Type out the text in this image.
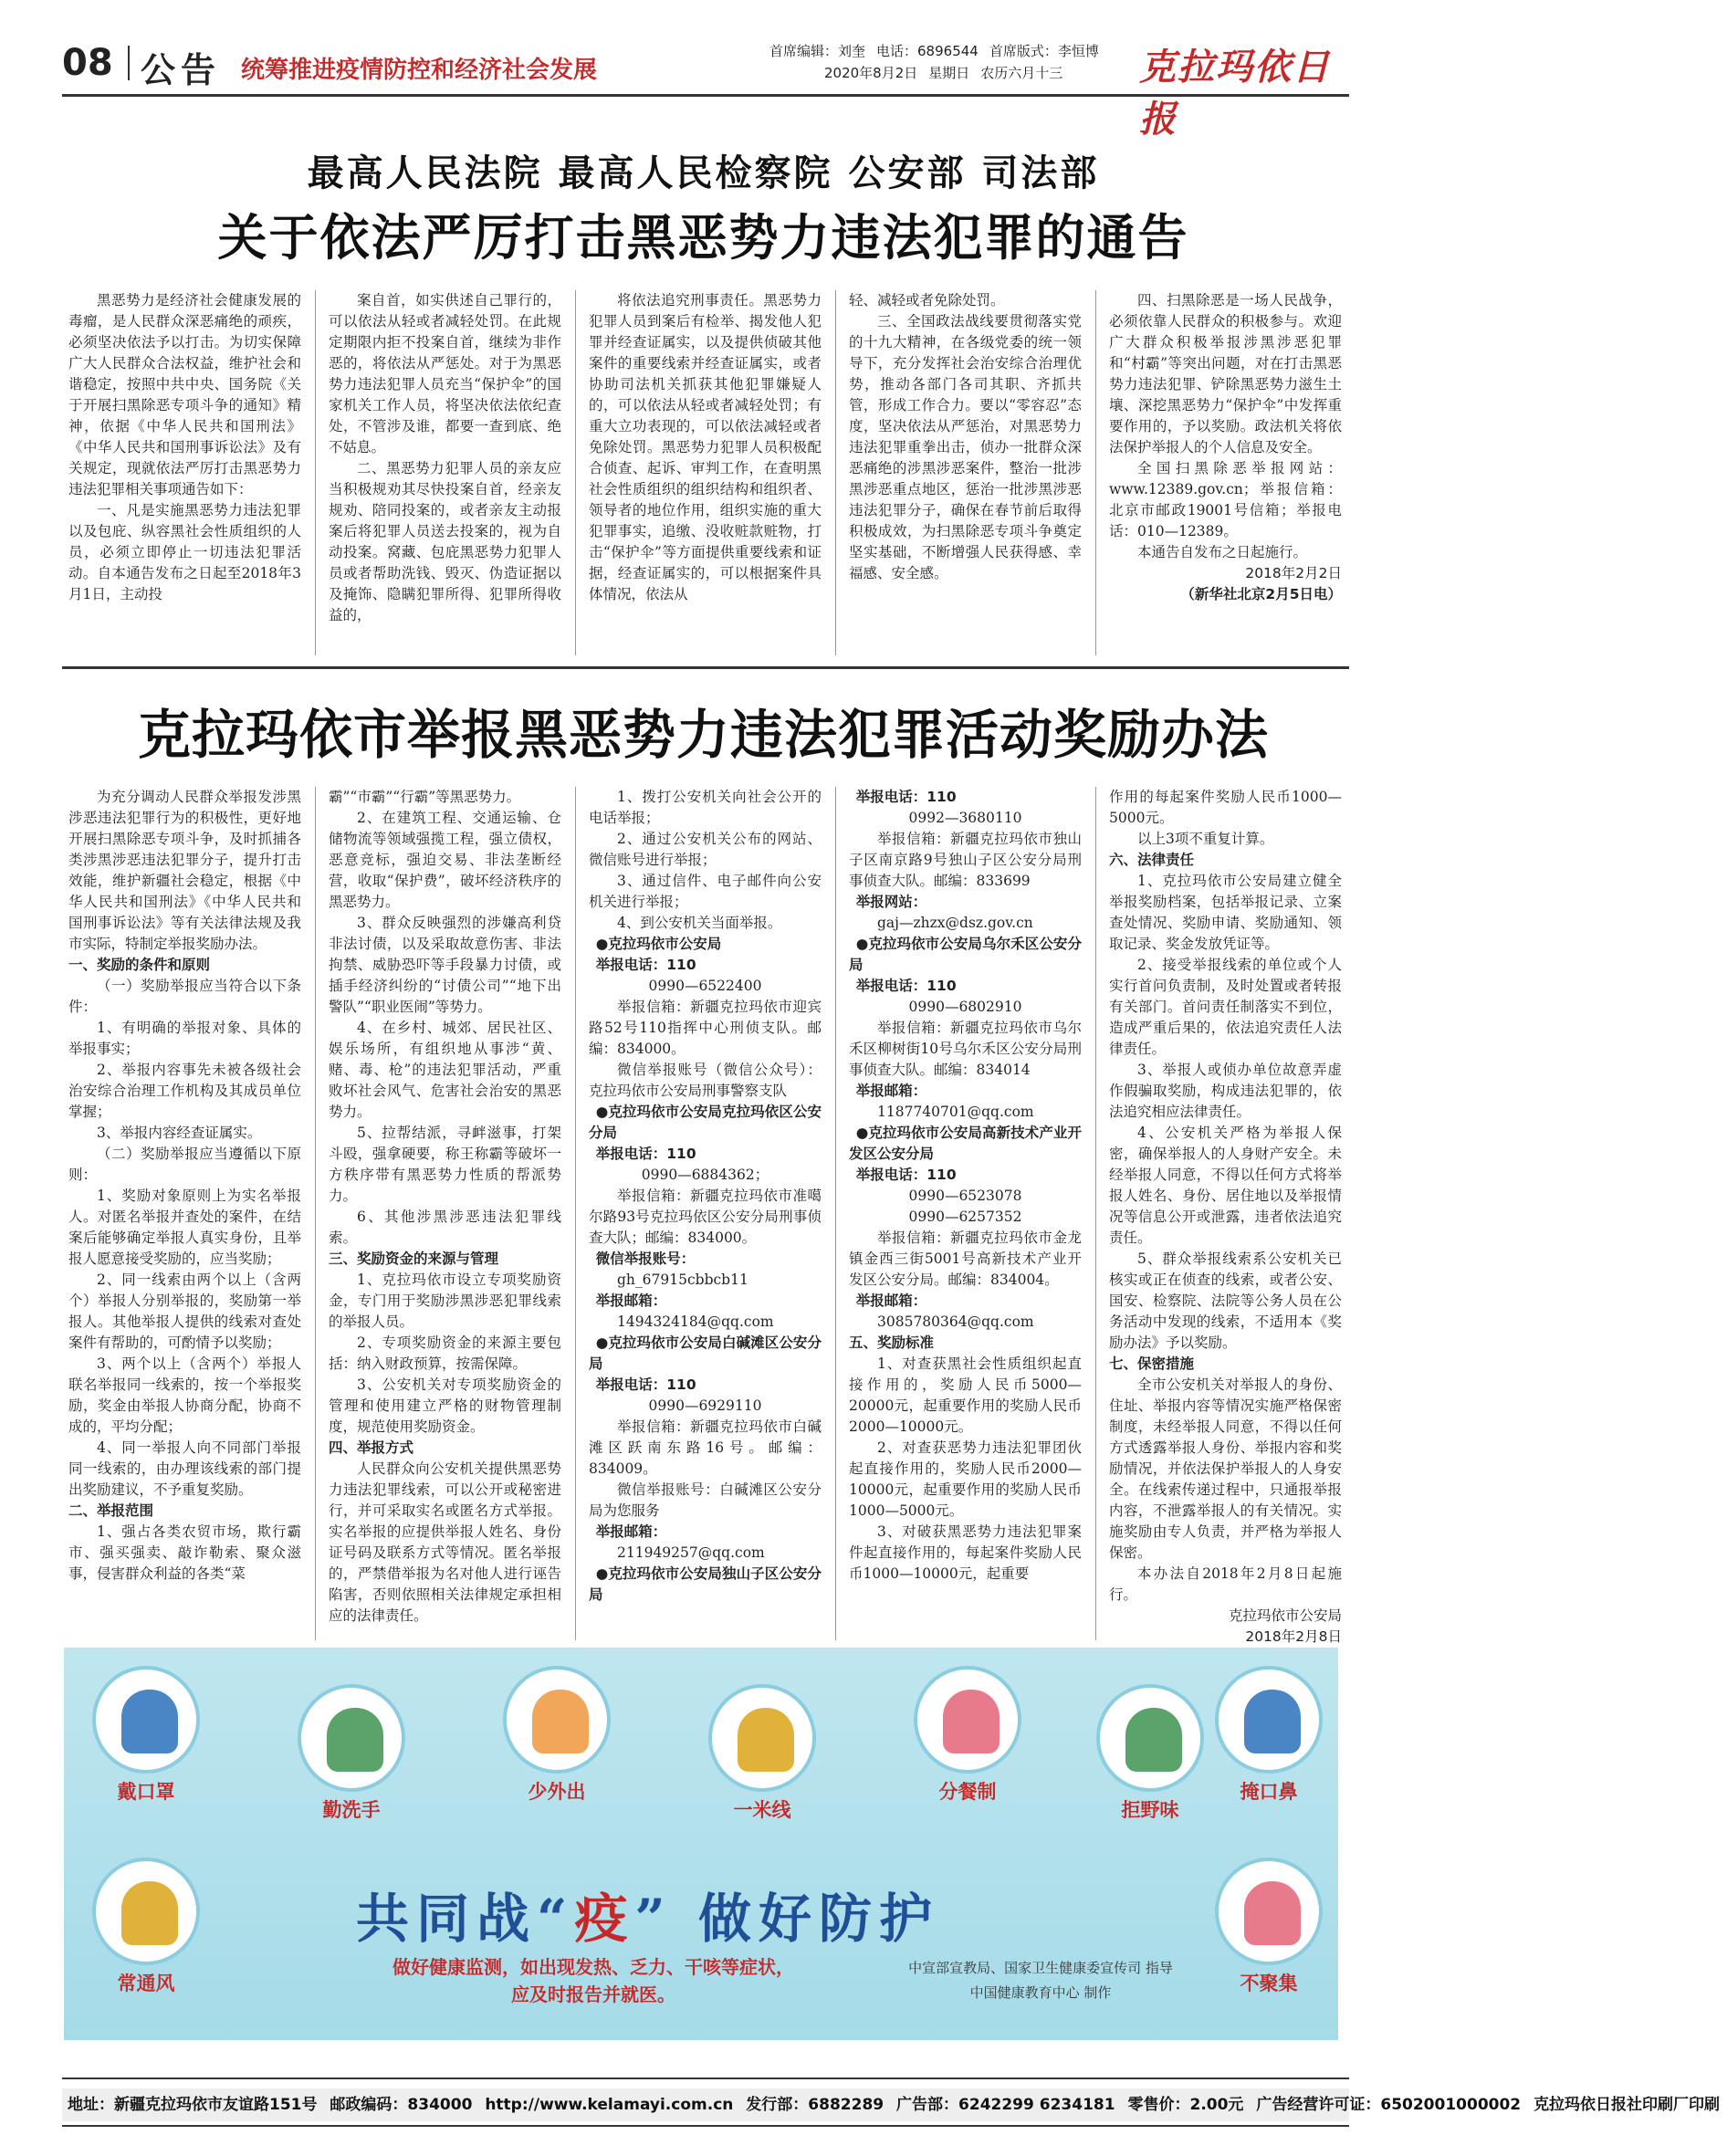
08 公告 统筹推进疫情防控和经济社会发展
首席编辑：刘奎 电话：6896544 首席版式：李恒博
2020年8月2日 星期日 农历六月十三	克拉玛依日报
最高人民法院 最高人民检察院 公安部 司法部
关于依法严厉打击黑恶势力违法犯罪的通告

黑恶势力是经济社会健康发展的毒瘤，是人民群众深恶痛绝的顽疾，必须坚决依法予以打击。为切实保障广大人民群众合法权益，维护社会和谐稳定，按照中共中央、国务院《关于开展扫黑除恶专项斗争的通知》精神，依据《中华人民共和国刑法》《中华人民共和国刑事诉讼法》及有关规定，现就依法严厉打击黑恶势力违法犯罪相关事项通告如下：

一、凡是实施黑恶势力违法犯罪以及包庇、纵容黑社会性质组织的人员，必须立即停止一切违法犯罪活动。自本通告发布之日起至2018年3月1日，主动投

案自首，如实供述自己罪行的，可以依法从轻或者减轻处罚。在此规定期限内拒不投案自首，继续为非作恶的，将依法从严惩处。对于为黑恶势力违法犯罪人员充当“保护伞”的国家机关工作人员，将坚决依法依纪查处，不管涉及谁，都要一查到底、绝不姑息。

二、黑恶势力犯罪人员的亲友应当积极规劝其尽快投案自首，经亲友规劝、陪同投案的，或者亲友主动报案后将犯罪人员送去投案的，视为自动投案。窝藏、包庇黑恶势力犯罪人员或者帮助洗钱、毁灭、伪造证据以及掩饰、隐瞒犯罪所得、犯罪所得收益的，

将依法追究刑事责任。黑恶势力犯罪人员到案后有检举、揭发他人犯罪并经查证属实，以及提供侦破其他案件的重要线索并经查证属实，或者协助司法机关抓获其他犯罪嫌疑人的，可以依法从轻或者减轻处罚；有重大立功表现的，可以依法减轻或者免除处罚。黑恶势力犯罪人员积极配合侦查、起诉、审判工作，在查明黑社会性质组织的组织结构和组织者、领导者的地位作用，组织实施的重大犯罪事实，追缴、没收赃款赃物，打击“保护伞”等方面提供重要线索和证据，经查证属实的，可以根据案件具体情况，依法从

轻、减轻或者免除处罚。

三、全国政法战线要贯彻落实党的十九大精神，在各级党委的统一领导下，充分发挥社会治安综合治理优势，推动各部门各司其职、齐抓共管，形成工作合力。要以“零容忍”态度，坚决依法从严惩治，对黑恶势力违法犯罪重拳出击，侦办一批群众深恶痛绝的涉黑涉恶案件，整治一批涉黑涉恶重点地区，惩治一批涉黑涉恶违法犯罪分子，确保在春节前后取得积极成效，为扫黑除恶专项斗争奠定坚实基础，不断增强人民获得感、幸福感、安全感。

四、扫黑除恶是一场人民战争，必须依靠人民群众的积极参与。欢迎广大群众积极举报涉黑涉恶犯罪和“村霸”等突出问题，对在打击黑恶势力违法犯罪、铲除黑恶势力滋生土壤、深挖黑恶势力“保护伞”中发挥重要作用的，予以奖励。政法机关将依法保护举报人的个人信息及安全。

全国扫黑除恶举报网站：www.12389.gov.cn；举报信箱：北京市邮政19001号信箱；举报电话：010—12389。

本通告自发布之日起施行。

2018年2月2日

（新华社北京2月5日电）

克拉玛依市举报黑恶势力违法犯罪活动奖励办法

为充分调动人民群众举报发涉黑涉恶违法犯罪行为的积极性，更好地开展扫黑除恶专项斗争，及时抓捕各类涉黑涉恶违法犯罪分子，提升打击效能，维护新疆社会稳定，根据《中华人民共和国刑法》《中华人民共和国刑事诉讼法》等有关法律法规及我市实际，特制定举报奖励办法。

一、奖励的条件和原则

（一）奖励举报应当符合以下条件：

1、有明确的举报对象、具体的举报事实；

2、举报内容事先未被各级社会治安综合治理工作机构及其成员单位掌握；

3、举报内容经查证属实。

（二）奖励举报应当遵循以下原则：

1、奖励对象原则上为实名举报人。对匿名举报并查处的案件，在结案后能够确定举报人真实身份，且举报人愿意接受奖励的，应当奖励；

2、同一线索由两个以上（含两个）举报人分别举报的，奖励第一举报人。其他举报人提供的线索对查处案件有帮助的，可酌情予以奖励；

3、两个以上（含两个）举报人联名举报同一线索的，按一个举报奖励，奖金由举报人协商分配，协商不成的，平均分配；

4、同一举报人向不同部门举报同一线索的，由办理该线索的部门提出奖励建议，不予重复奖励。

二、举报范围

1、强占各类农贸市场，欺行霸市、强买强卖、敲诈勒索、聚众滋事，侵害群众利益的各类“菜

霸”“市霸”“行霸”等黑恶势力。

2、在建筑工程、交通运输、仓储物流等领域强揽工程，强立债权，恶意竞标，强迫交易、非法垄断经营，收取“保护费”，破坏经济秩序的黑恶势力。

3、群众反映强烈的涉嫌高利贷非法讨债，以及采取故意伤害、非法拘禁、威胁恐吓等手段暴力讨债，或插手经济纠纷的“讨债公司”“地下出警队”“职业医闹”等势力。

4、在乡村、城郊、居民社区、娱乐场所，有组织地从事涉“黄、赌、毒、枪”的违法犯罪活动，严重败坏社会风气、危害社会治安的黑恶势力。

5、拉帮结派，寻衅滋事，打架斗殴，强拿硬要，称王称霸等破坏一方秩序带有黑恶势力性质的帮派势力。

6、其他涉黑涉恶违法犯罪线索。

三、奖励资金的来源与管理

1、克拉玛依市设立专项奖励资金，专门用于奖励涉黑涉恶犯罪线索的举报人员。

2、专项奖励资金的来源主要包括：纳入财政预算，按需保障。

3、公安机关对专项奖励资金的管理和使用建立严格的财物管理制度，规范使用奖励资金。

四、举报方式

人民群众向公安机关提供黑恶势力违法犯罪线索，可以公开或秘密进行，并可采取实名或匿名方式举报。实名举报的应提供举报人姓名、身份证号码及联系方式等情况。匿名举报的，严禁借举报为名对他人进行诬告陷害，否则依照相关法律规定承担相应的法律责任。

1、拨打公安机关向社会公开的电话举报；

2、通过公安机关公布的网站、微信账号进行举报；

3、通过信件、电子邮件向公安机关进行举报；

4、到公安机关当面举报。

●克拉玛依市公安局

举报电话：110

0990—6522400

举报信箱：新疆克拉玛依市迎宾路52号110指挥中心刑侦支队。邮编：834000。

微信举报账号（微信公众号）：克拉玛依市公安局刑事警察支队

●克拉玛依市公安局克拉玛依区公安分局

举报电话：110

0990—6884362；

举报信箱：新疆克拉玛依市准噶尔路93号克拉玛依区公安分局刑事侦查大队；邮编：834000。

微信举报账号：

gh_67915cbbcb11

举报邮箱：

1494324184@qq.com

●克拉玛依市公安局白碱滩区公安分局

举报电话：110

0990—6929110

举报信箱：新疆克拉玛依市白碱滩区跃南东路16号。邮编：834009。

微信举报账号：白碱滩区公安分局为您服务

举报邮箱：

211949257@qq.com

●克拉玛依市公安局独山子区公安分局

举报电话：110

0992—3680110

举报信箱：新疆克拉玛依市独山子区南京路9号独山子区公安分局刑事侦查大队。邮编：833699

举报网站：

gaj—zhzx@dsz.gov.cn

●克拉玛依市公安局乌尔禾区公安分局

举报电话：110

0990—6802910

举报信箱：新疆克拉玛依市乌尔禾区柳树街10号乌尔禾区公安分局刑事侦查大队。邮编：834014

举报邮箱：

1187740701@qq.com

●克拉玛依市公安局高新技术产业开发区公安分局

举报电话：110

0990—6523078

0990—6257352

举报信箱：新疆克拉玛依市金龙镇金西三街5001号高新技术产业开发区公安分局。邮编：834004。

举报邮箱：

3085780364@qq.com

五、奖励标准

1、对查获黑社会性质组织起直接作用的，奖励人民币5000—20000元，起重要作用的奖励人民币2000—10000元。

2、对查获恶势力违法犯罪团伙起直接作用的，奖励人民币2000—10000元，起重要作用的奖励人民币1000—5000元。

3、对破获黑恶势力违法犯罪案件起直接作用的，每起案件奖励人民币1000—10000元，起重要

作用的每起案件奖励人民币1000—5000元。

以上3项不重复计算。

六、法律责任

1、克拉玛依市公安局建立健全举报奖励档案，包括举报记录、立案查处情况、奖励申请、奖励通知、领取记录、奖金发放凭证等。

2、接受举报线索的单位或个人实行首问负责制，及时处置或者转报有关部门。首问责任制落实不到位，造成严重后果的，依法追究责任人法律责任。

3、举报人或侦办单位故意弄虚作假骗取奖励，构成违法犯罪的，依法追究相应法律责任。

4、公安机关严格为举报人保密，确保举报人的人身财产安全。未经举报人同意，不得以任何方式将举报人姓名、身份、居住地以及举报情况等信息公开或泄露，违者依法追究责任。

5、群众举报线索系公安机关已核实或正在侦查的线索，或者公安、国安、检察院、法院等公务人员在公务活动中发现的线索，不适用本《奖励办法》予以奖励。

七、保密措施

全市公安机关对举报人的身份、住址、举报内容等情况实施严格保密制度，未经举报人同意，不得以任何方式透露举报人身份、举报内容和奖励情况，并依法保护举报人的人身安全。在线索传递过程中，只通报举报内容，不泄露举报人的有关情况。实施奖励由专人负责，并严格为举报人保密。

本办法自2018年2月8日起施行。

克拉玛依市公安局

2018年2月8日

共同战“疫” 做好防护
做好健康监测，如出现发热、乏力、干咳等症状，
应及时报告并就医。
中宣部宣教局、国家卫生健康委宣传司 指导
中国健康教育中心 制作
戴口罩
勤洗手
少外出
一米线
分餐制
拒野味
掩口鼻
常通风	不聚集
地址：新疆克拉玛依市友谊路151号 邮政编码：834000 http://www.kelamayi.com.cn 发行部：6882289 广告部：6242299 6234181 零售价：2.00元 广告经营许可证：6502001000002 克拉玛依日报社印刷厂印刷
